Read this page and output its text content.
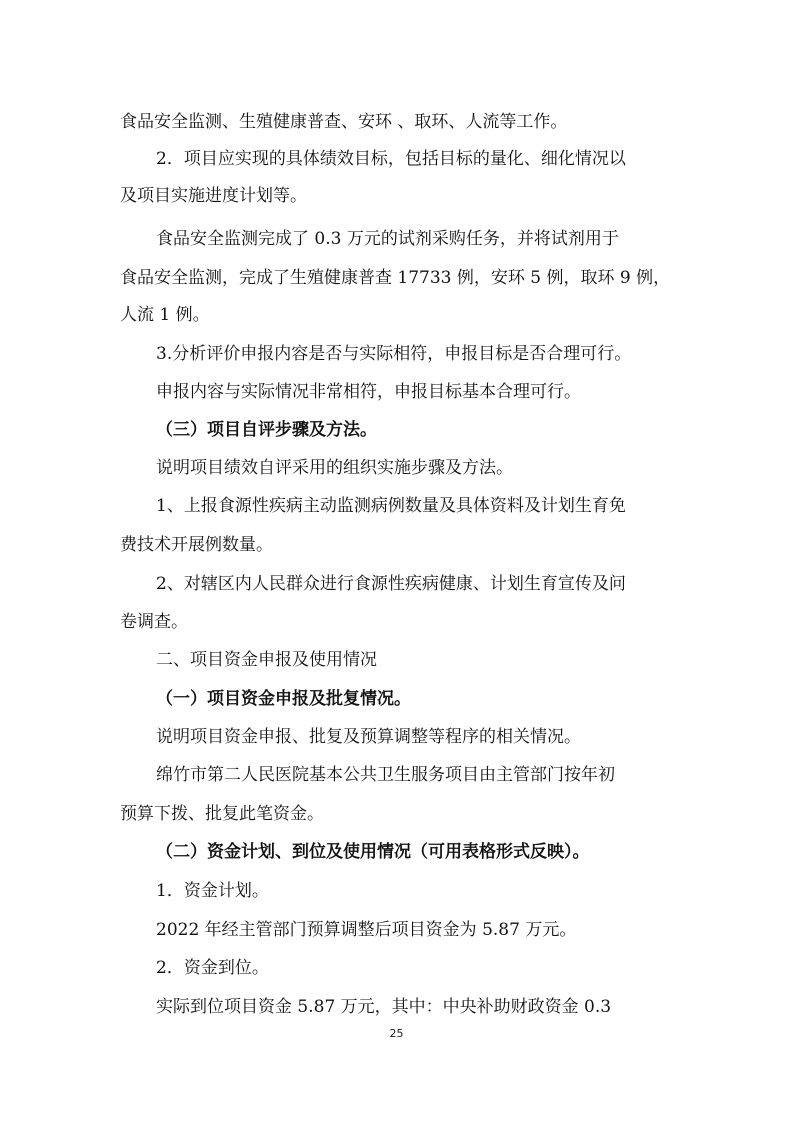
食品安全监测、生殖健康普查、安环 、取环、人流等工作。
2．项目应实现的具体绩效目标，包括目标的量化、细化情况以
及项目实施进度计划等。
食品安全监测完成了 0.3 万元的试剂采购任务，并将试剂用于
食品安全监测，完成了生殖健康普查 17733 例，安环 5 例，取环 9 例，
人流 1 例。
3.分析评价申报内容是否与实际相符，申报目标是否合理可行。
申报内容与实际情况非常相符，申报目标基本合理可行。
（三）项目自评步骤及方法。
说明项目绩效自评采用的组织实施步骤及方法。
1、上报食源性疾病主动监测病例数量及具体资料及计划生育免
费技术开展例数量。
2、对辖区内人民群众进行食源性疾病健康、计划生育宣传及问
卷调查。
二、项目资金申报及使用情况
（一）项目资金申报及批复情况。
说明项目资金申报、批复及预算调整等程序的相关情况。
绵竹市第二人民医院基本公共卫生服务项目由主管部门按年初
预算下拨、批复此笔资金。
（二）资金计划、到位及使用情况（可用表格形式反映）。
1．资金计划。
2022 年经主管部门预算调整后项目资金为 5.87 万元。
2．资金到位。
实际到位项目资金 5.87 万元，其中：中央补助财政资金 0.3
25
